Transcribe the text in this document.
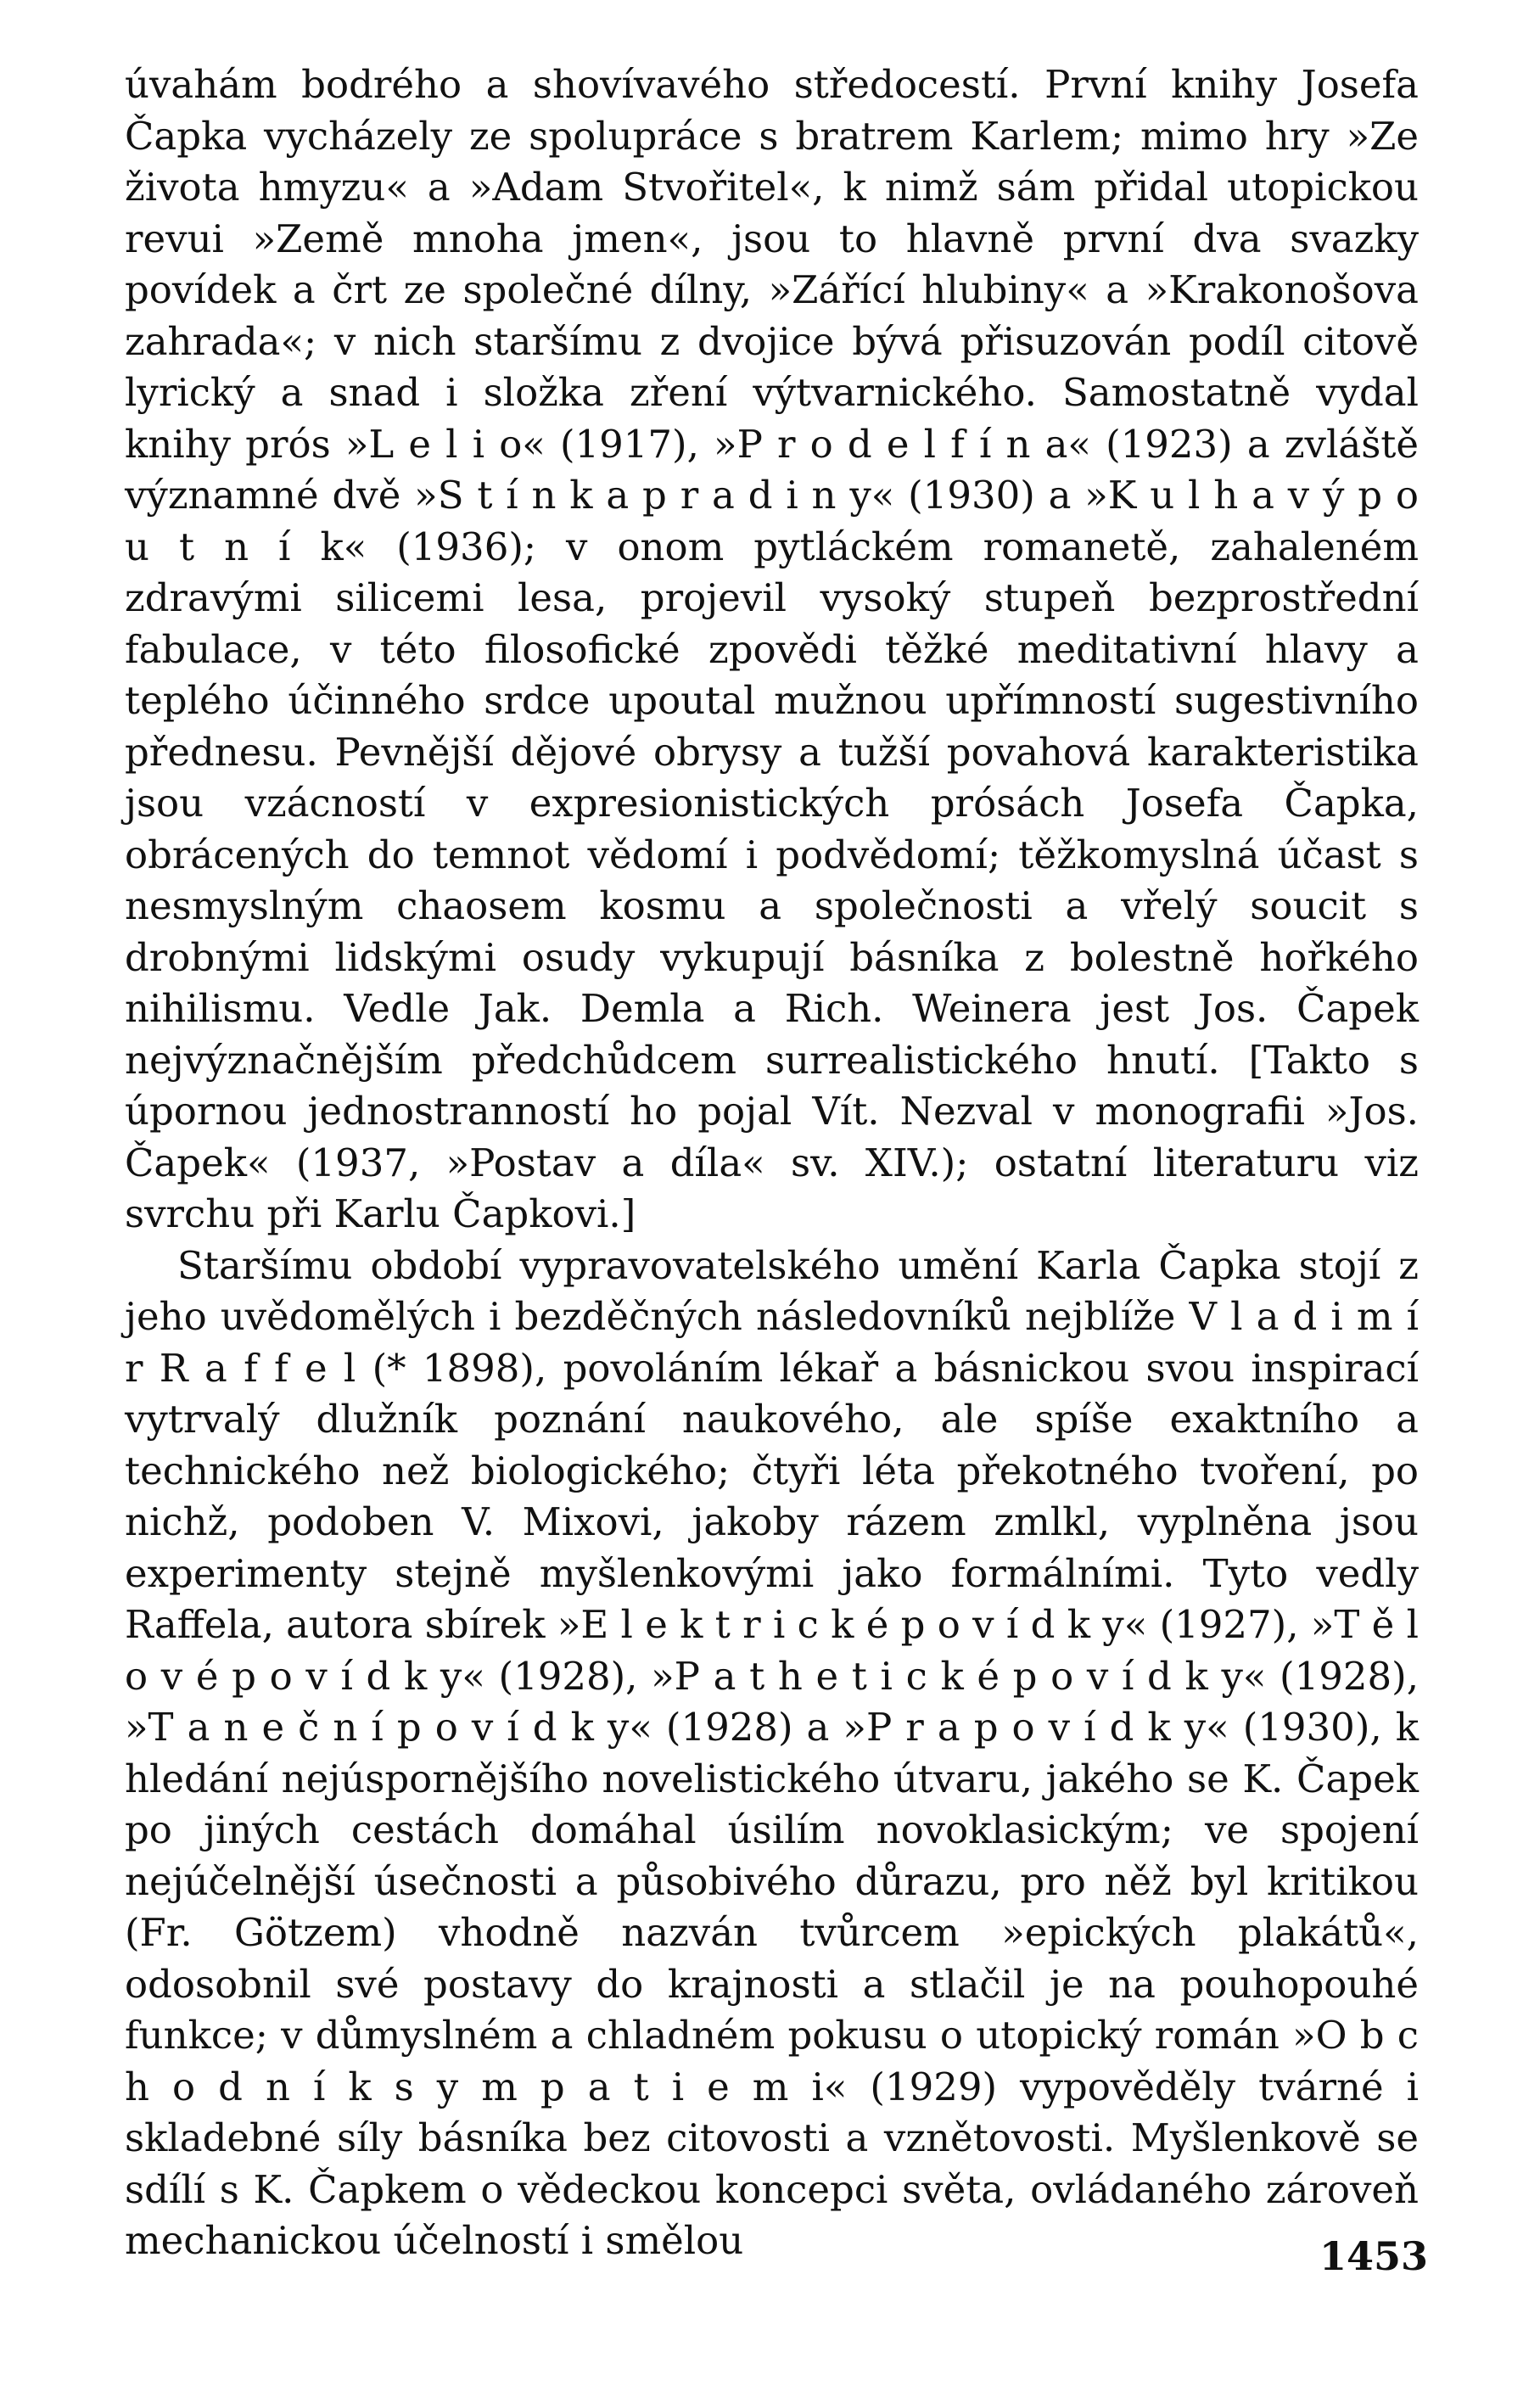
úvahám bodrého a shovívavého středocestí. První knihy Josefa Čapka vycházely ze spolupráce s bratrem Karlem; mimo hry »Ze života hmyzu« a »Adam Stvořitel«, k nimž sám přidal utopickou revui »Země mnoha jmen«, jsou to hlavně první dva svazky povídek a črt ze společné dílny, »Zářící hlubiny« a »Krakonošova zahrada«; v nich staršímu z dvojice bývá přisuzován podíl citově lyrický a snad i složka zření výtvarnického. Samostatně vydal knihy prós »L e l i o« (1917), »P r o d e l f í n a« (1923) a zvláště významné dvě »S t í n k a p r a d i n y« (1930) a »K u l h a v ý p o u t n í k« (1936); v onom pytláckém romanetě, zahaleném zdravými silicemi lesa, projevil vysoký stupeň bezprostřední fabulace, v této filosofické zpovědi těžké meditativní hlavy a teplého účinného srdce upoutal mužnou upřímností sugestivního přednesu. Pevnější dějové obrysy a tužší povahová karakteristika jsou vzácností v expresionistických prósách Josefa Čapka, obrácených do temnot vědomí i podvědomí; těžkomyslná účast s nesmyslným chaosem kosmu a společnosti a vřelý soucit s drobnými lidskými osudy vykupují básníka z bolestně hořkého nihilismu. Vedle Jak. Demla a Rich. Weinera jest Jos. Čapek nejvýznačnějším předchůdcem surrealistického hnutí. [Takto s úpornou jednostranností ho pojal Vít. Nezval v monografii »Jos. Čapek« (1937, »Postav a díla« sv. XIV.); ostatní literaturu viz svrchu při Karlu Čapkovi.]

Staršímu období vypravovatelského umění Karla Čapka stojí z jeho uvědomělých i bezděčných následovníků nejblíže V l a d i m í r R a f f e l (* 1898), povoláním lékař a básnickou svou inspirací vytrvalý dlužník poznání naukového, ale spíše exaktního a technického než biologického; čtyři léta překotného tvoření, po nichž, podoben V. Mixovi, jakoby rázem zmlkl, vyplněna jsou experimenty stejně myšlenkovými jako formálními. Tyto vedly Raffela, autora sbírek »E l e k t r i c k é p o v í d k y« (1927), »T ě l o v é p o v í d k y« (1928), »P a t h e t i c k é p o v í d k y« (1928), »T a n e č n í p o v í d k y« (1928) a »P r a p o v í d k y« (1930), k hledání nejúspornějšího novelistického útvaru, jakého se K. Čapek po jiných cestách domáhal úsilím novoklasickým; ve spojení nejúčelnější úsečnosti a působivého důrazu, pro něž byl kritikou (Fr. Götzem) vhodně nazván tvůrcem »epických plakátů«, odosobnil své postavy do krajnosti a stlačil je na pouhopouhé funkce; v důmyslném a chladném pokusu o utopický román »O b c h o d n í k s y m p a t i e m i« (1929) vypověděly tvárné i skladebné síly básníka bez citovosti a vznětovosti. Myšlenkově se sdílí s K. Čapkem o vědeckou koncepci světa, ovládaného zároveň mechanickou účelností i smělou	1453
